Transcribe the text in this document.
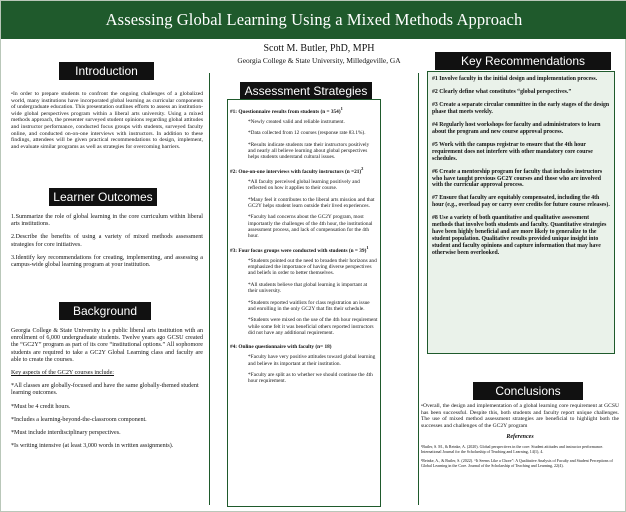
Assessing Global Learning Using a Mixed Methods Approach
Scott M. Butler, PhD, MPH
Georgia College & State University, Milledgeville, GA
Introduction
•In order to prepare students to confront the ongoing challenges of a globalized world, many institutions have incorporated global learning as curricular components of undergraduate education. This presentation outlines efforts to assess an institution-wide global perspectives program within a liberal arts university. Using a mixed methods approach, the presenter surveyed student opinions regarding global attitudes and instructor performance, conducted focus groups with students, surveyed faculty online, and conducted on-on-one interviews with instructors. In addition to these findings, attendees will be given practical recommendations to design, implement, and evaluate similar programs as well as strategies for overcoming barriers.
Learner Outcomes

1.Summarize the role of global learning in the core curriculum within liberal arts institutions.

2.Describe the benefits of using a variety of mixed methods assessment strategies for core initiatives.

3.Identify key recommendations for creating, implementing, and assessing a campus-wide global learning program at your institution.

Background

Georgia College & State University is a public liberal arts institution with an enrollment of 6,000 undergraduate students. Twelve years ago GCSU created the “GC2Y” program as part of its core “institutional options.” All sophomore students are required to take a GC2Y Global Learning class and faculty are able to create the courses.

Key aspects of the GC2Y courses include:

*All classes are globally-focused and have the same globally-themed student learning outcomes.

*Must be 4 credit hours.

*Includes a learning-beyond-the-classroom component.

*Must include interdisciplinary perspectives.

*Is writing intensive (at least 3,000 words in written assignments).

Assessment Strategies
#1: Questionnaire results from students (n = 354)$^1$
*Newly created valid and reliable instrument.
*Data collected from 12 courses (response rate 83.1%).
*Results indicate students rate their instructors positively and nearly all believe learning about global perspectives helps students understand cultural issues.
#2: One-on-one interviews with faculty instructors (n =21)$^2$
*All faculty perceived global learning positively and reflected on how it applies to their course.
*Many feel it contributes to the liberal arts mission and that GC2Y helps student learn outside their lived experiences.
*Faculty had concerns about the GC2Y program, most importantly the challenges of the 4th hour, the institutional assessment process, and lack of compensation for the 4th hour.
#3: Four focus groups were conducted with students (n = 39)$^1$
*Students pointed out the need to broaden their horizons and emphasized the importance of having diverse perspectives and beliefs in order to better themselves.
*All students believe that global learning is important at their university.
*Students reported waitlists for class registration an issue and enrolling in the only GC2Y that fits their schedule.
*Students were mixed on the use of the 4th hour requirement while some felt it was beneficial others reported instructors did not have any additional requirement.
#4: Online questionnaire with faculty (n= 18)
*Faculty have very positive attitudes toward global learning and believe its important at their institution.
*Faculty are split as to whether we should continue the 4th hour requirement.
Key Recommendations

#1 Involve faculty in the initial design and implementation process.

#2 Clearly define what constitutes “global perspectives.”

#3 Create a separate circular committee in the early stages of the design phase that meets weekly.

#4 Regularly host workshops for faculty and administrators to learn about the program and new course approval process.

#5 Work with the campus registrar to ensure that the 4th hour requirement does not interfere with other mandatory core course schedules.

#6 Create a mentorship program for faculty that includes instructors who have taught previous GC2Y courses and those who are involved with the curricular approval process.

#7 Ensure that faculty are equitably compensated, including the 4th hour (e.g., overload pay or carry over credits for future course releases).

#8 Use a variety of both quantitative and qualitative assessment methods that involve both students and faculty. Quantitative strategies have been highly beneficial and are more likely to generalize to the student population. Qualitative results provided unique insight into student and faculty opinions and capture information that may have otherwise been overlooked.

Conclusions
•Overall, the design and implementation of a global learning core requirement at GCSU has been successful. Despite this, both students and faculty report unique challenges. The use of mixed method assessment strategies are beneficial to highlight both the successes and challenges of the GC2Y program
References
¹Butler, S. M., & Reinke, A. (2020). Global perspectives in the core: Student attitudes and instructor performance. International Journal for the Scholarship of Teaching and Learning, 14(1), 4.
²Reinke, A., & Butler, S. (2022). “It Seems Like a Chore”: A Qualitative Analysis of Faculty and Student Perceptions of Global Learning in the Core. Journal of the Scholarship of Teaching and Learning, 22(4).
